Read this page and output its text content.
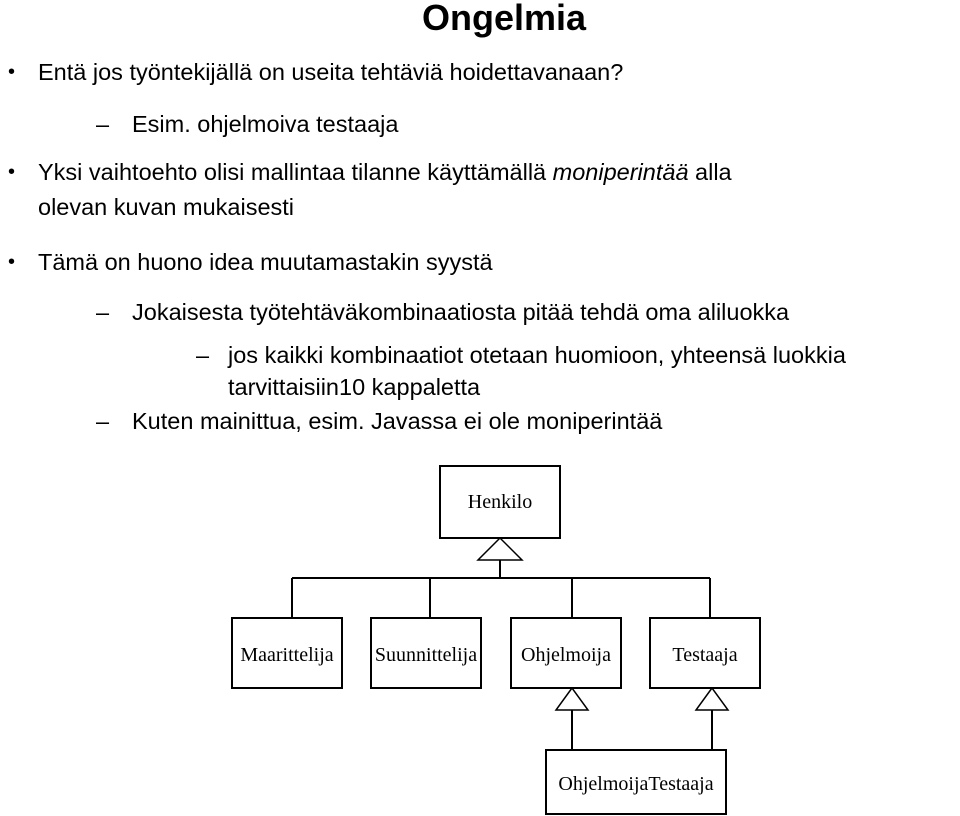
Ongelmia
• Entä jos työntekijällä on useita tehtäviä hoidettavanaan?
– Esim. ohjelmoiva testaaja
• Yksi vaihtoehto olisi mallintaa tilanne käyttämällä moniperintää alla
olevan kuvan mukaisesti
• Tämä on huono idea muutamastakin syystä
– Jokaisesta työtehtäväkombinaatiosta pitää tehdä oma aliluokka
– jos kaikki kombinaatiot otetaan huomioon, yhteensä luokkia
tarvittaisiin10 kappaletta
– Kuten mainittua, esim. Javassa ei ole moniperintää
Henkilo
Maarittelija Suunnittelija Ohjelmoija	Testaaja
OhjelmoijaTestaaja
